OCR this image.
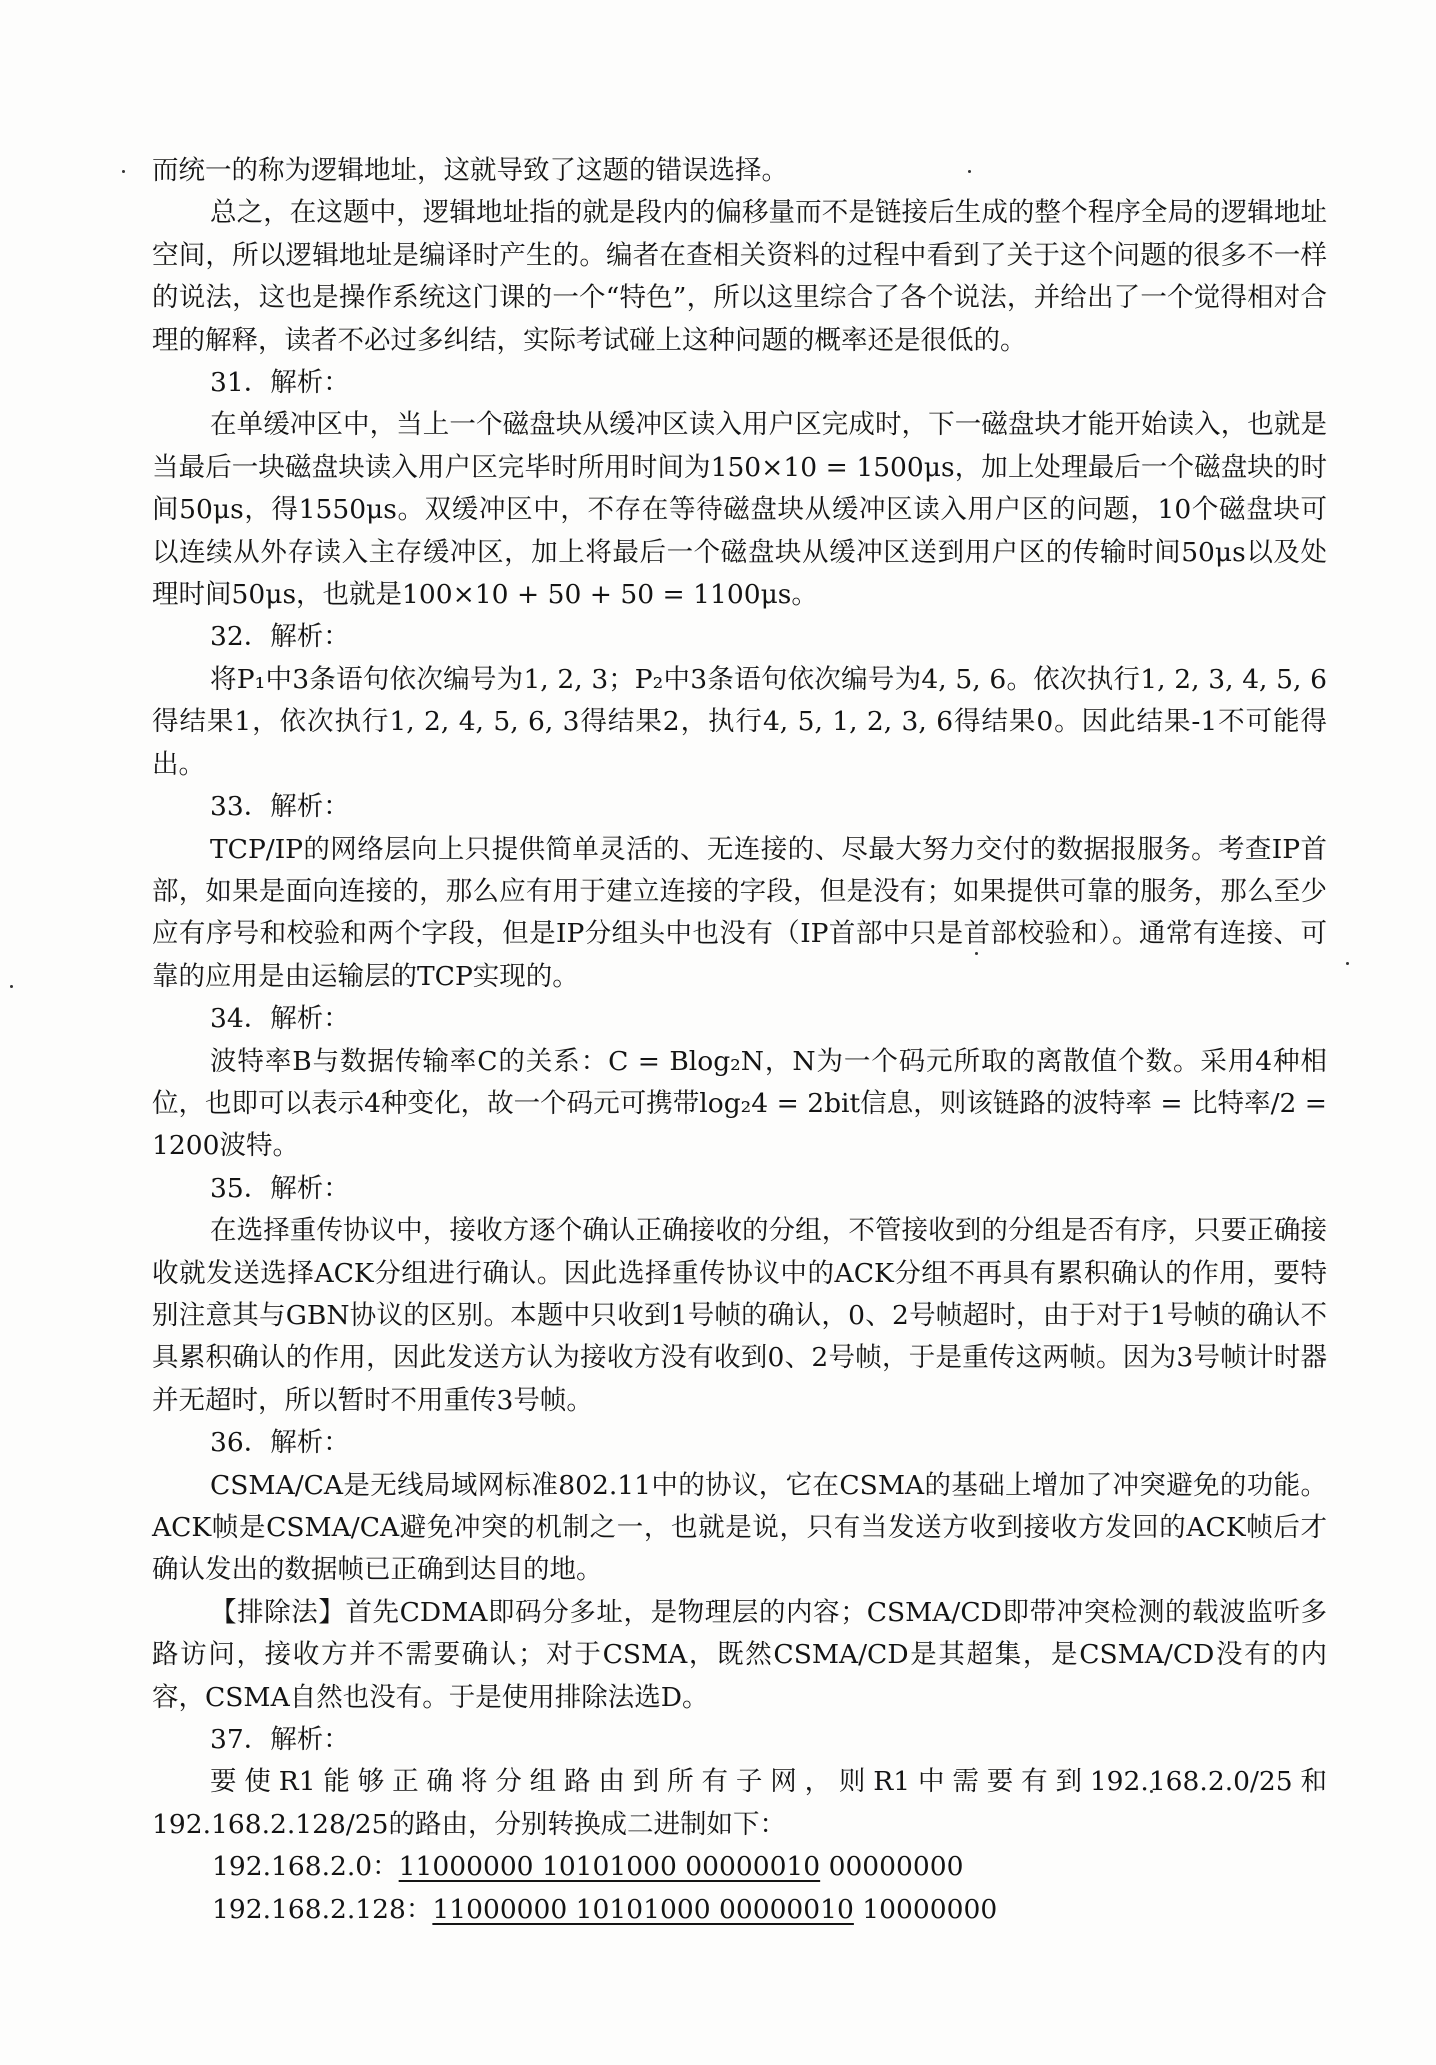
而统一的称为逻辑地址，这就导致了这题的错误选择。

总之，在这题中，逻辑地址指的就是段内的偏移量而不是链接后生成的整个程序全局的逻辑地址空间，所以逻辑地址是编译时产生的。编者在查相关资料的过程中看到了关于这个问题的很多不一样的说法，这也是操作系统这门课的一个“特色”，所以这里综合了各个说法，并给出了一个觉得相对合理的解释，读者不必过多纠结，实际考试碰上这种问题的概率还是很低的。

31．解析：

在单缓冲区中，当上一个磁盘块从缓冲区读入用户区完成时，下一磁盘块才能开始读入，也就是当最后一块磁盘块读入用户区完毕时所用时间为150×10 = 1500μs，加上处理最后一个磁盘块的时间50μs，得1550μs。双缓冲区中，不存在等待磁盘块从缓冲区读入用户区的问题，10个磁盘块可以连续从外存读入主存缓冲区，加上将最后一个磁盘块从缓冲区送到用户区的传输时间50μs以及处理时间50μs，也就是100×10 + 50 + 50 = 1100μs。

32．解析：

将P₁中3条语句依次编号为1, 2, 3；P₂中3条语句依次编号为4, 5, 6。依次执行1, 2, 3, 4, 5, 6得结果1，依次执行1, 2, 4, 5, 6, 3得结果2，执行4, 5, 1, 2, 3, 6得结果0。因此结果-1不可能得出。

33．解析：

TCP/IP的网络层向上只提供简单灵活的、无连接的、尽最大努力交付的数据报服务。考查IP首部，如果是面向连接的，那么应有用于建立连接的字段，但是没有；如果提供可靠的服务，那么至少应有序号和校验和两个字段，但是IP分组头中也没有（IP首部中只是首部校验和）。通常有连接、可靠的应用是由运输层的TCP实现的。

34．解析：

波特率B与数据传输率C的关系：C = Blog₂N，N为一个码元所取的离散值个数。采用4种相位，也即可以表示4种变化，故一个码元可携带log₂4 = 2bit信息，则该链路的波特率 = 比特率/2 = 1200波特。

35．解析：

在选择重传协议中，接收方逐个确认正确接收的分组，不管接收到的分组是否有序，只要正确接收就发送选择ACK分组进行确认。因此选择重传协议中的ACK分组不再具有累积确认的作用，要特别注意其与GBN协议的区别。本题中只收到1号帧的确认，0、2号帧超时，由于对于1号帧的确认不具累积确认的作用，因此发送方认为接收方没有收到0、2号帧，于是重传这两帧。因为3号帧计时器并无超时，所以暂时不用重传3号帧。

36．解析：

CSMA/CA是无线局域网标准802.11中的协议，它在CSMA的基础上增加了冲突避免的功能。ACK帧是CSMA/CA避免冲突的机制之一，也就是说，只有当发送方收到接收方发回的ACK帧后才确认发出的数据帧已正确到达目的地。

【排除法】首先CDMA即码分多址，是物理层的内容；CSMA/CD即带冲突检测的载波监听多路访问，接收方并不需要确认；对于CSMA，既然CSMA/CD是其超集，是CSMA/CD没有的内容，CSMA自然也没有。于是使用排除法选D。

37．解析：

要使R1能够正确将分组路由到所有子网，则R1中需要有到192.168.2.0/25和192.168.2.128/25的路由，分别转换成二进制如下：

192.168.2.0：11000000 10101000 00000010 00000000

192.168.2.128：11000000 10101000 00000010 10000000
